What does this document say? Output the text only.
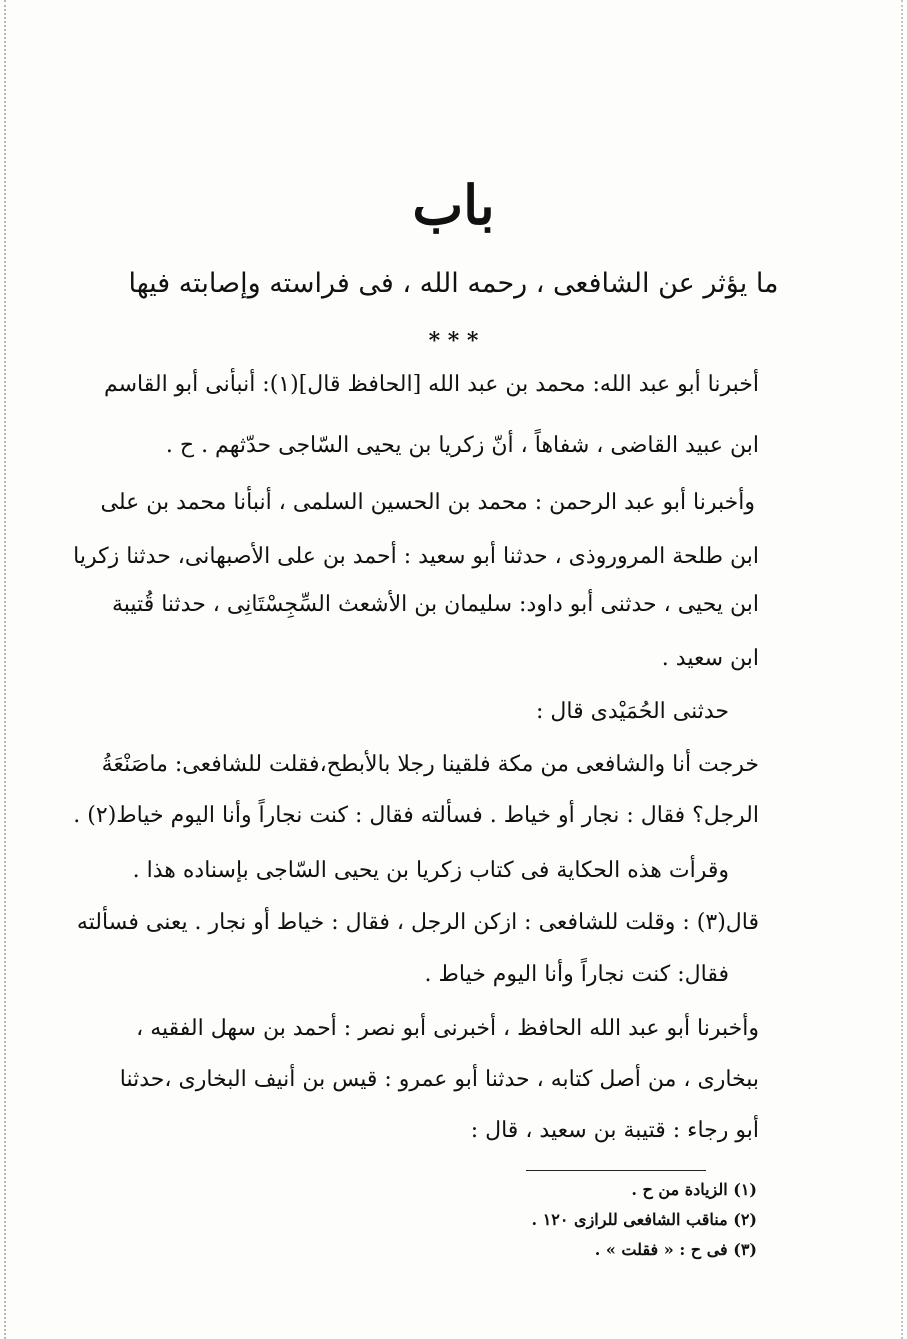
باب
ما يؤثر عن الشافعى ، رحمه الله ، فى فراسته وإصابته فيها
* * *
أخبرنا أبو عبد الله: محمد بن عبد الله [الحافظ قال](١): أنبأنى أبو القاسم
ابن عبيد القاضى ، شفاهاً ، أنّ زكريا بن يحيى السّاجى حدّثهم . ح .
وأخبرنا أبو عبد الرحمن : محمد بن الحسين السلمى ، أنبأنا محمد بن على
ابن طلحة المروروذى ، حدثنا أبو سعيد : أحمد بن على الأصبهانى، حدثنا زكريا
ابن يحيى ، حدثنى أبو داود: سليمان بن الأشعث السِّجِسْتَانِى ، حدثنا قُتيبة
ابن سعيد .
حدثنى الحُمَيْدى قال :
خرجت أنا والشافعى من مكة فلقينا رجلا بالأبطح،فقلت للشافعى: ماصَنْعَةُ
الرجل؟ فقال : نجار أو خياط . فسألته فقال : كنت نجاراً وأنا اليوم خياط(٢) .
وقرأت هذه الحكاية فى كتاب زكريا بن يحيى السّاجى بإسناده هذا .
قال(٣) : وقلت للشافعى : ازكن الرجل ، فقال : خياط أو نجار . يعنى فسألته
فقال: كنت نجاراً وأنا اليوم خياط .
وأخبرنا أبو عبد الله الحافظ ، أخبرنى أبو نصر : أحمد بن سهل الفقيه ،
ببخارى ، من أصل كتابه ، حدثنا أبو عمرو : قيس بن أنيف البخارى ،حدثنا
أبو رجاء : قتيبة بن سعيد ، قال :
(١) الزيادة من ح .
(٢) مناقب الشافعى للرازى ١٢٠ .
(٣) فى ح : « فقلت » .
